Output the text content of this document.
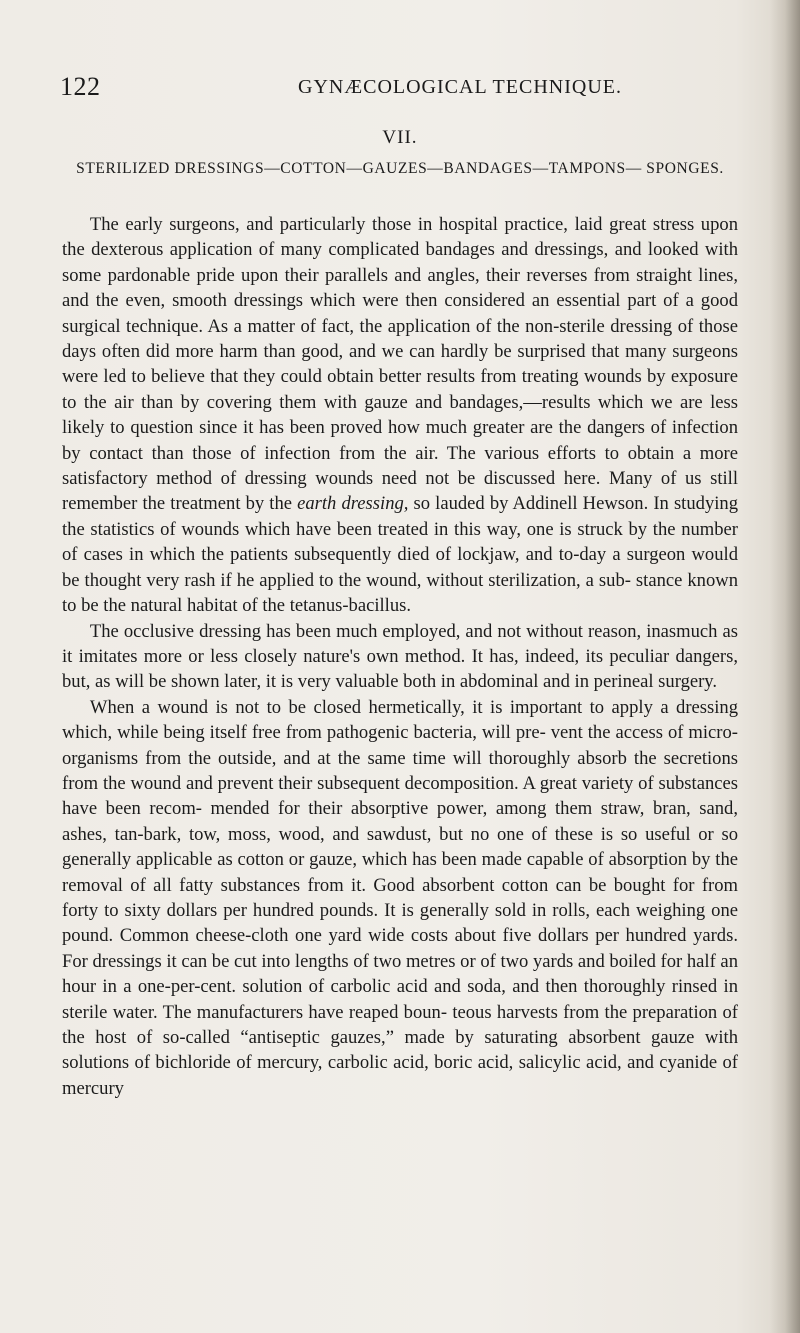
122	GYNÆCOLOGICAL TECHNIQUE.
VII.
STERILIZED DRESSINGS—COTTON—GAUZES—BANDAGES—TAMPONS— SPONGES.

The early surgeons, and particularly those in hospital practice, laid great stress upon the dexterous application of many complicated bandages and dressings, and looked with some pardonable pride upon their parallels and angles, their reverses from straight lines, and the even, smooth dressings which were then considered an essential part of a good surgical technique. As a matter of fact, the application of the non-sterile dressing of those days often did more harm than good, and we can hardly be surprised that many surgeons were led to believe that they could obtain better results from treating wounds by exposure to the air than by covering them with gauze and bandages,—results which we are less likely to question since it has been proved how much greater are the dangers of infection by contact than those of infection from the air. The various efforts to obtain a more satisfactory method of dressing wounds need not be discussed here. Many of us still remember the treatment by the earth dressing, so lauded by Addinell Hewson. In studying the statistics of wounds which have been treated in this way, one is struck by the number of cases in which the patients subsequently died of lockjaw, and to-day a surgeon would be thought very rash if he applied to the wound, without sterilization, a sub- stance known to be the natural habitat of the tetanus-bacillus.

The occlusive dressing has been much employed, and not without reason, inasmuch as it imitates more or less closely nature's own method. It has, indeed, its peculiar dangers, but, as will be shown later, it is very valuable both in abdominal and in perineal surgery.

When a wound is not to be closed hermetically, it is important to apply a dressing which, while being itself free from pathogenic bacteria, will pre- vent the access of micro-organisms from the outside, and at the same time will thoroughly absorb the secretions from the wound and prevent their subsequent decomposition. A great variety of substances have been recom- mended for their absorptive power, among them straw, bran, sand, ashes, tan-bark, tow, moss, wood, and sawdust, but no one of these is so useful or so generally applicable as cotton or gauze, which has been made capable of absorption by the removal of all fatty substances from it. Good absorbent cotton can be bought for from forty to sixty dollars per hundred pounds. It is generally sold in rolls, each weighing one pound. Common cheese-cloth one yard wide costs about five dollars per hundred yards. For dressings it can be cut into lengths of two metres or of two yards and boiled for half an hour in a one-per-cent. solution of carbolic acid and soda, and then thoroughly rinsed in sterile water. The manufacturers have reaped boun- teous harvests from the preparation of the host of so-called “antiseptic gauzes,” made by saturating absorbent gauze with solutions of bichloride of mercury, carbolic acid, boric acid, salicylic acid, and cyanide of mercury
